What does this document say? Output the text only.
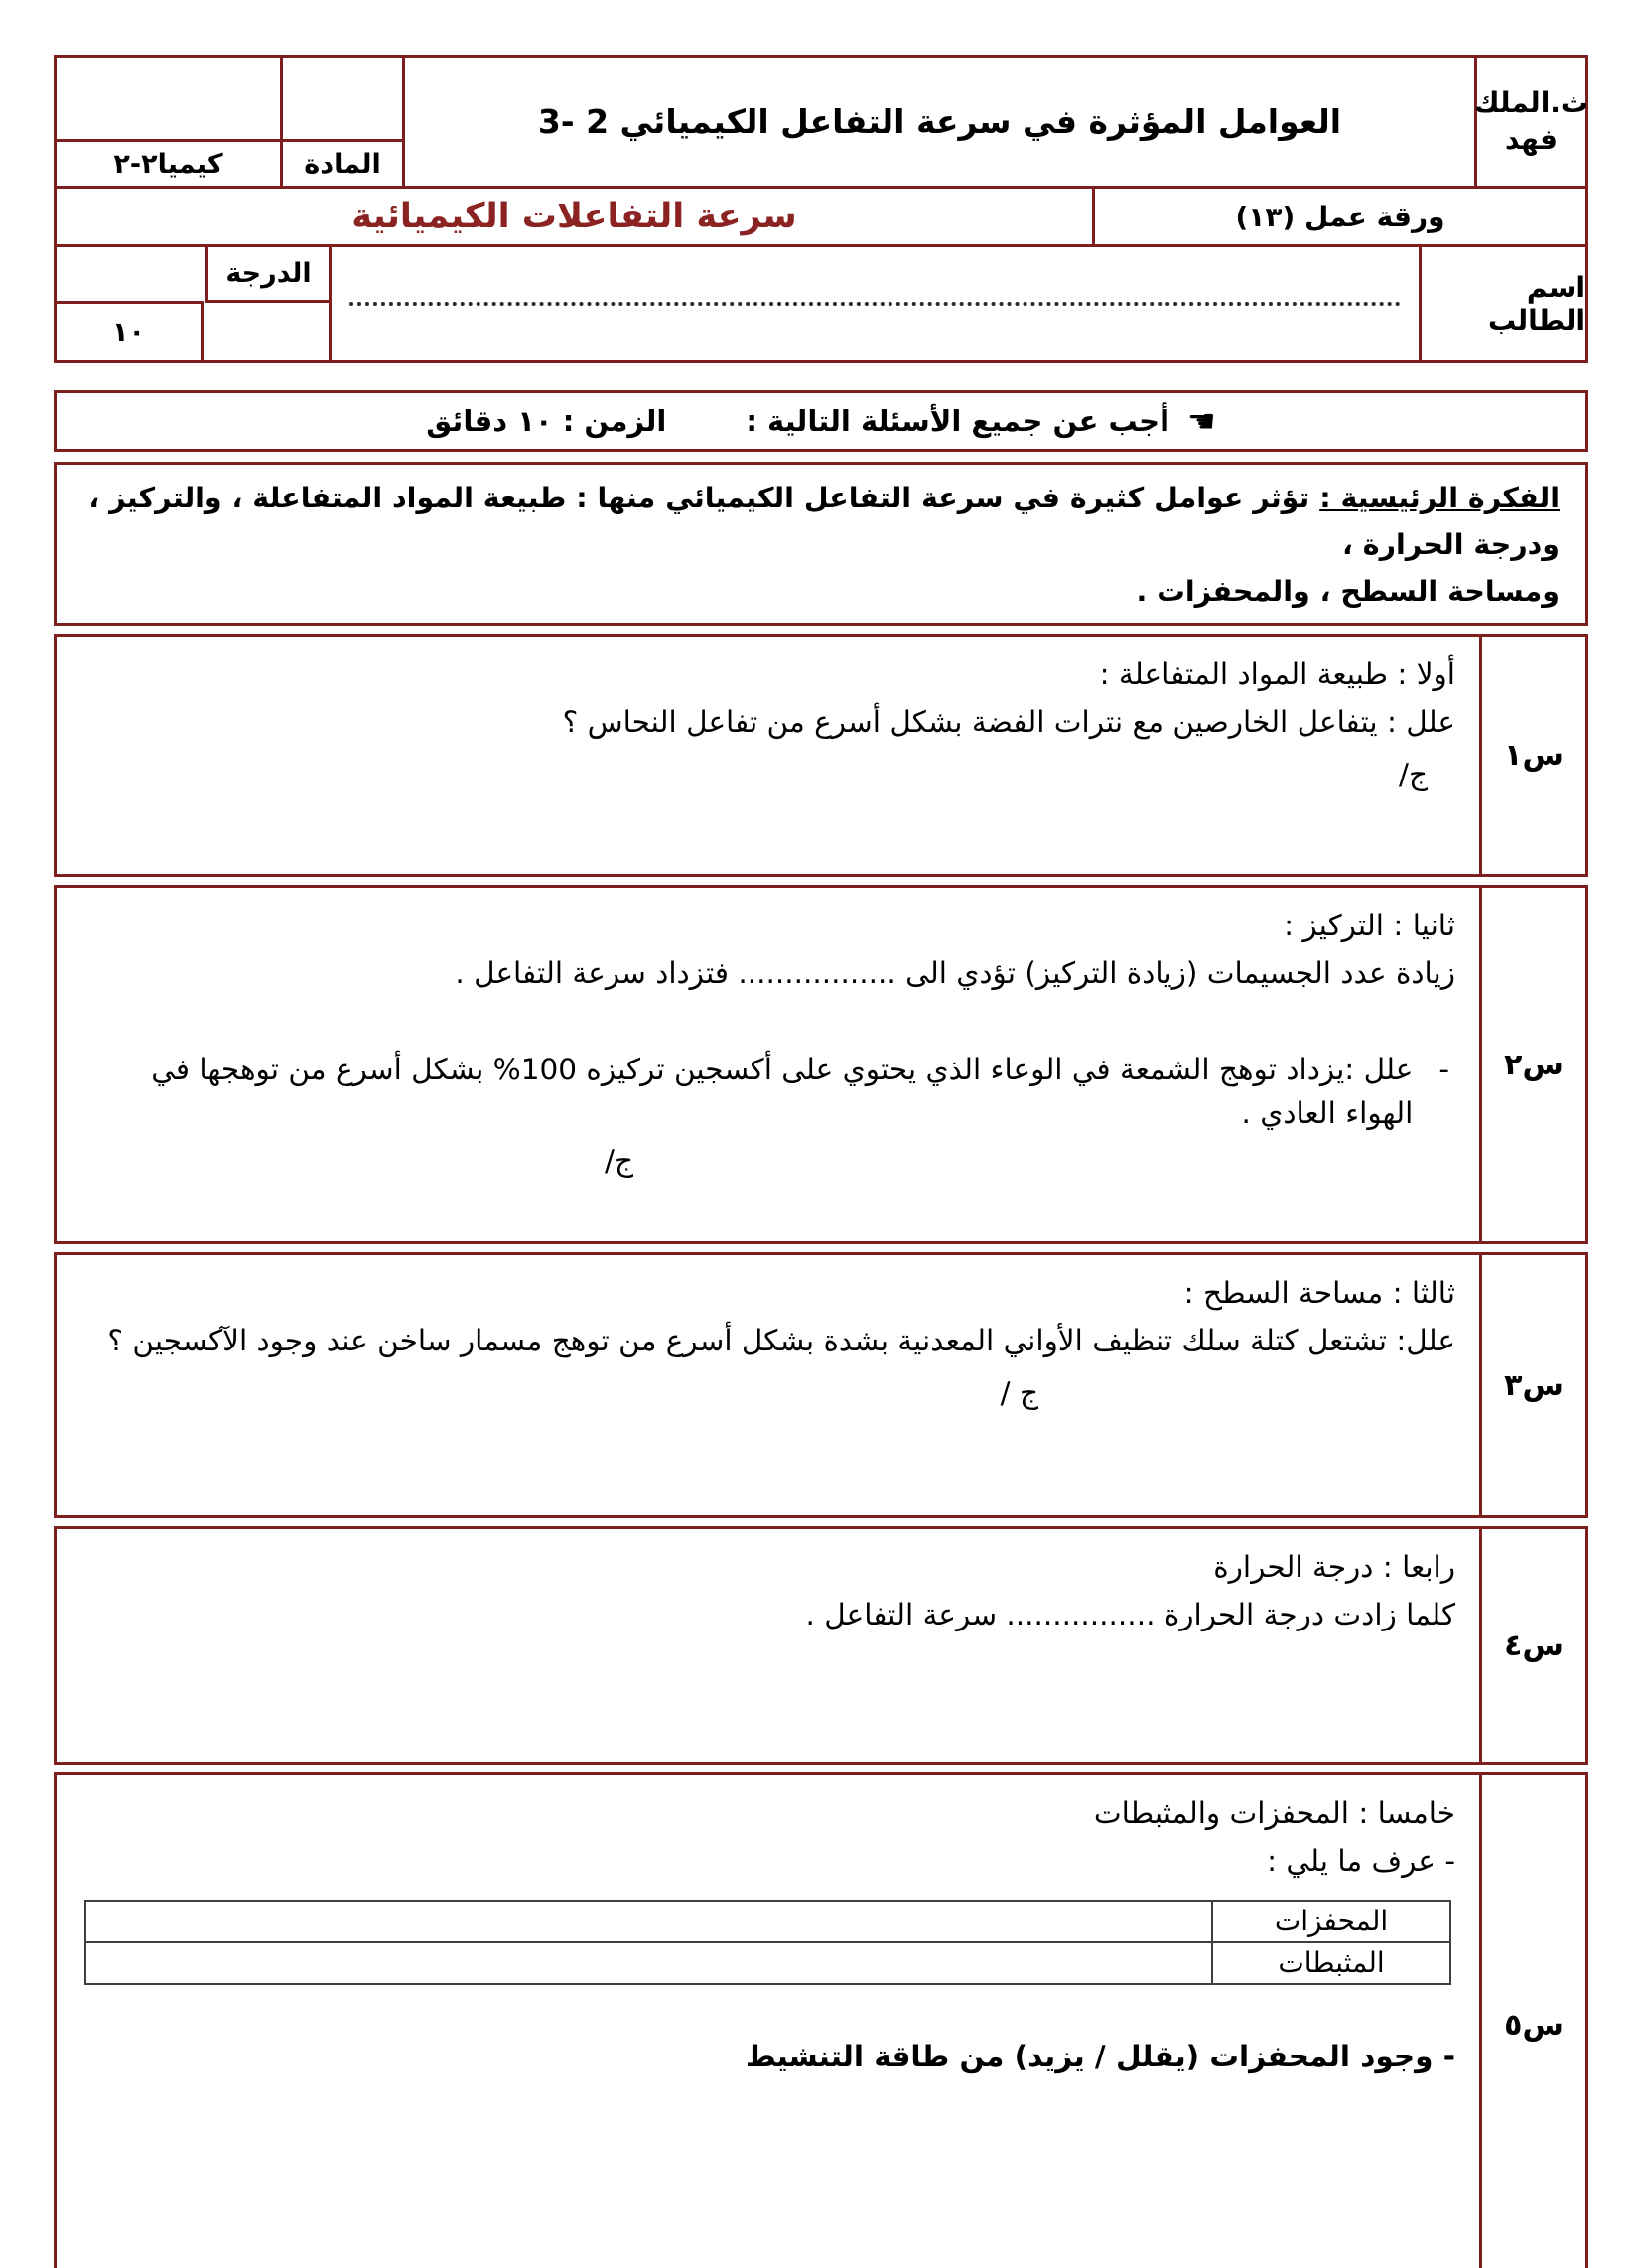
ث.الملك فهد
العوامل المؤثرة في سرعة التفاعل الكيميائي 2 -3
المادة
كيميا٢-٢
ورقة عمل (١٣)
سرعة التفاعلات الكيميائية
اسم الطالب
الدرجة
١٠
☚
أجب عن جميع الأسئلة التالية :
الزمن : ١٠ دقائق
الفكرة الرئيسية : تؤثر عوامل كثيرة في سرعة التفاعل الكيميائي منها : طبيعة المواد المتفاعلة ، والتركيز ، ودرجة الحرارة ،
ومساحة السطح ، والمحفزات .
س١
أولا : طبيعة المواد المتفاعلة :
علل : يتفاعل الخارصين مع نترات الفضة بشكل أسرع من تفاعل النحاس ؟
ج/
س٢
ثانيا : التركيز :
زيادة عدد الجسيمات (زيادة التركيز) تؤدي الى ................. فتزداد سرعة التفاعل .
-
علل :يزداد توهج الشمعة في الوعاء الذي يحتوي على أكسجين تركيزه 100% بشكل أسرع من توهجها في الهواء العادي .
ج/
س٣
ثالثا : مساحة السطح :
علل: تشتعل كتلة سلك تنظيف الأواني المعدنية بشدة بشكل أسرع من توهج مسمار ساخن عند وجود الآكسجين ؟
ج /
س٤
رابعا : درجة الحرارة
كلما زادت درجة الحرارة ................ سرعة التفاعل .
س٥
خامسا : المحفزات والمثبطات
- عرف ما يلي :
المحفزات
المثبطات
- وجود المحفزات (يقلل / يزيد) من طاقة التنشيط
